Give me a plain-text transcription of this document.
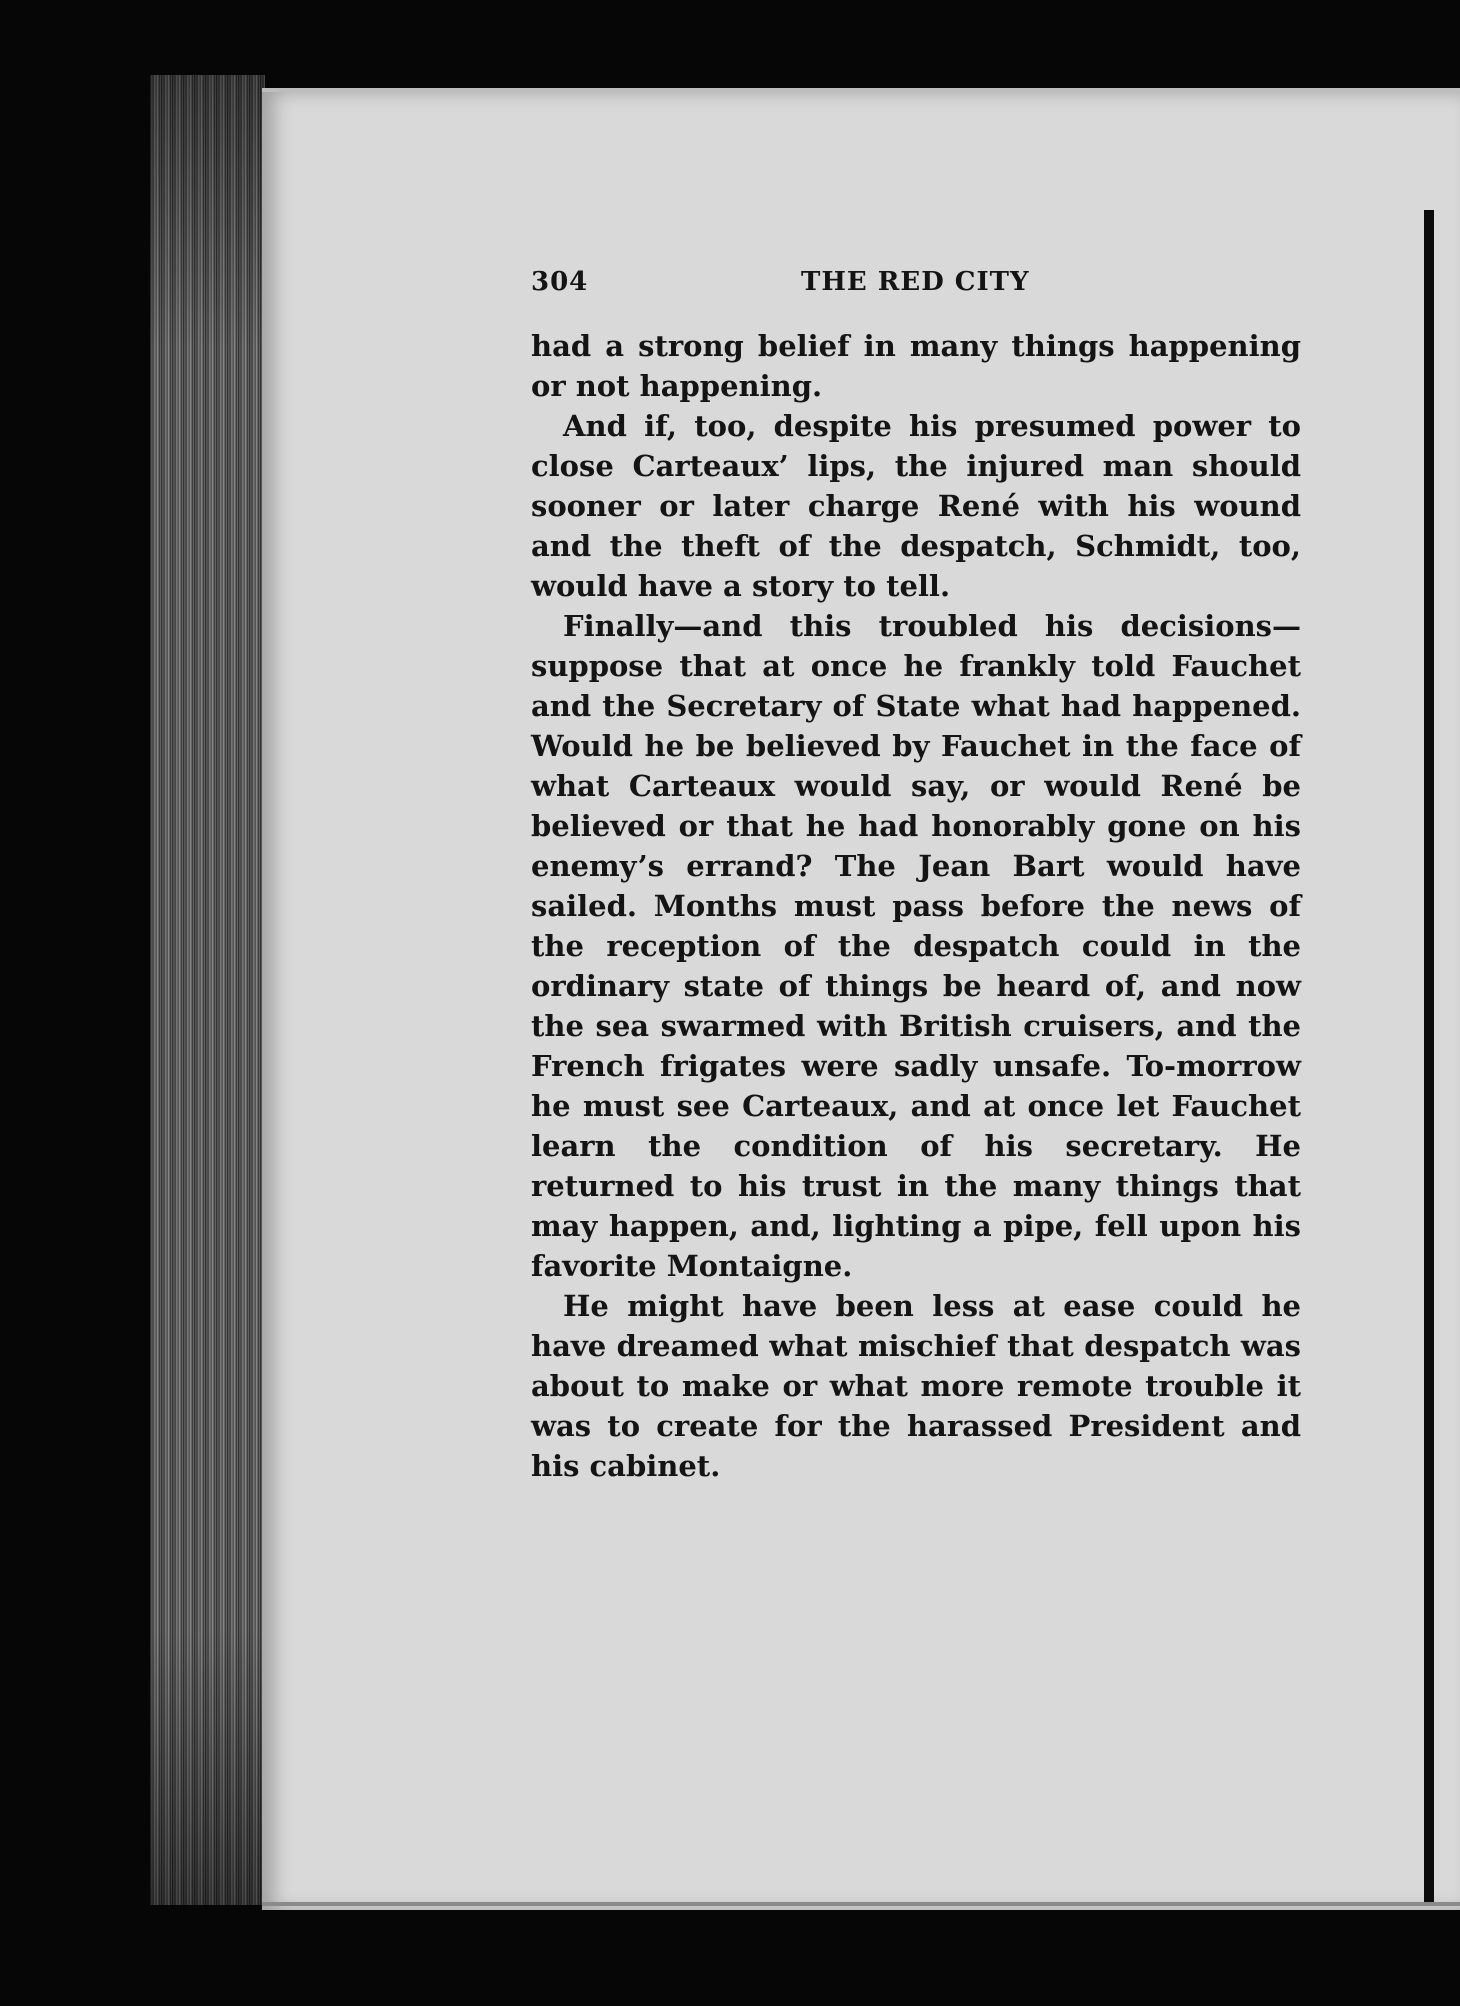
304	THE RED CITY

had a strong belief in many things happening or not happening.

And if, too, despite his presumed power to close Carteaux’ lips, the injured man should sooner or later charge René with his wound and the theft of the despatch, Schmidt, too, would have a story to tell.

Finally—and this troubled his decisions—suppose that at once he frankly told Fauchet and the Secretary of State what had happened. Would he be believed by Fauchet in the face of what Carteaux would say, or would René be believed or that he had honorably gone on his enemy’s errand? The Jean Bart would have sailed. Months must pass before the news of the reception of the despatch could in the ordinary state of things be heard of, and now the sea swarmed with British cruisers, and the French frigates were sadly unsafe. To-morrow he must see Carteaux, and at once let Fauchet learn the condition of his secretary. He returned to his trust in the many things that may happen, and, lighting a pipe, fell upon his favorite Montaigne.

He might have been less at ease could he have dreamed what mischief that despatch was about to make or what more remote trouble it was to create for the harassed President and his cabinet.
